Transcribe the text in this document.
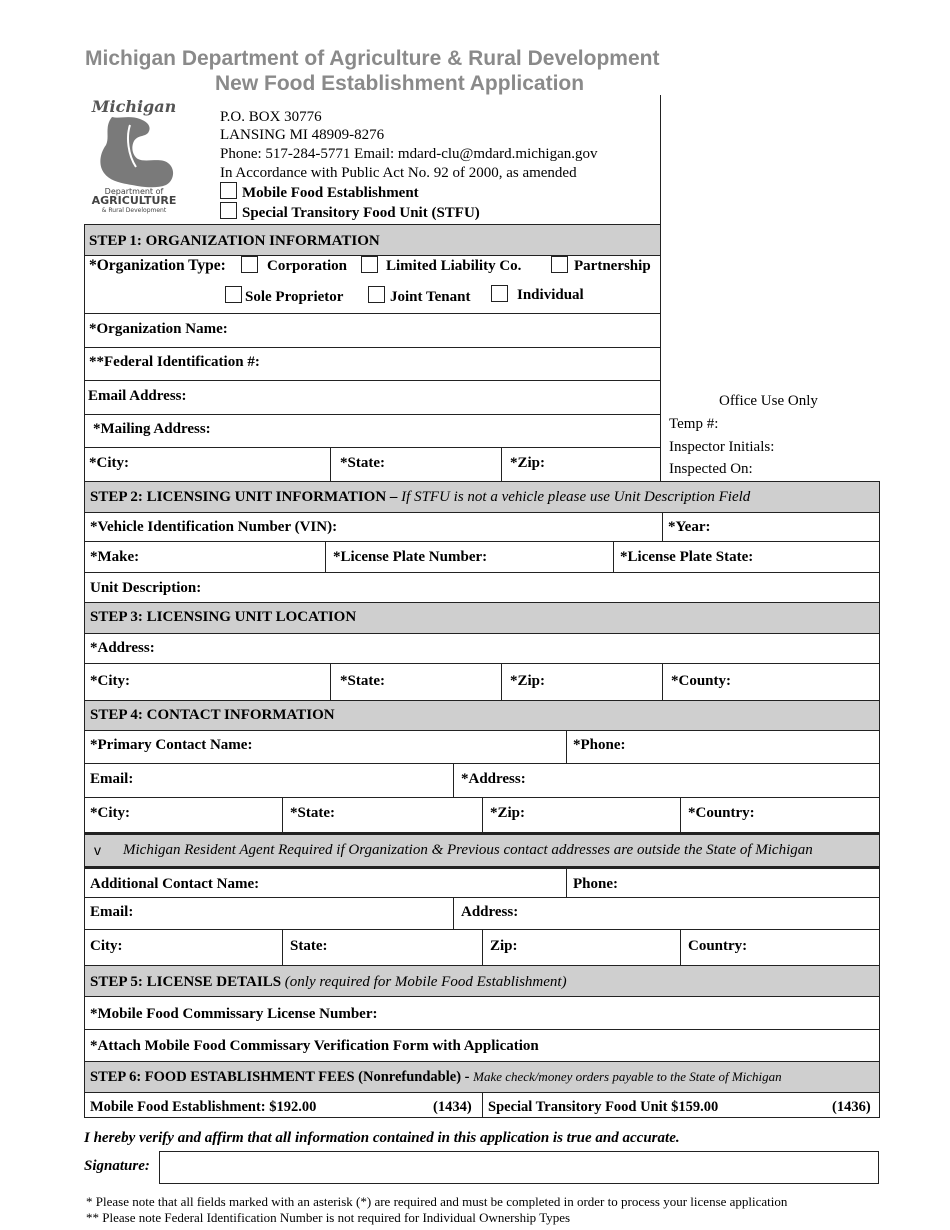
Michigan Department of Agriculture & Rural Development
New Food Establishment Application
Michigan
Department of
AGRICULTURE
& Rural Development
P.O. BOX 30776
LANSING MI 48909-8276
Phone: 517-284-5771 Email: mdard-clu@mdard.michigan.gov
In Accordance with Public Act No. 92 of 2000, as amended
Mobile Food Establishment
Special Transitory Food Unit (STFU)
Office Use Only
Temp #:
Inspector Initials:
Inspected On:
STEP 1: ORGANIZATION INFORMATION
*Organization Type:	Corporation	Limited Liability Co.	Partnership
Sole Proprietor	Joint Tenant	Individual
*Organization Name:
**Federal Identification #:
Email Address:
*Mailing Address:
*City:	*State:	*Zip:
STEP 2: LICENSING UNIT INFORMATION – If STFU is not a vehicle please use Unit Description Field
*Vehicle Identification Number (VIN):	*Year:
*Make:	*License Plate Number:	*License Plate State:
Unit Description:
STEP 3: LICENSING UNIT LOCATION
*Address:
*City:	*State:	*Zip:	*County:
STEP 4: CONTACT INFORMATION
*Primary Contact Name:	*Phone:
Email:	*Address:
*City:	*State:	*Zip:	*Country:
v Michigan Resident Agent Required if Organization & Previous contact addresses are outside the State of Michigan
Additional Contact Name:	Phone:
Email:	Address:
City:	State:	Zip:	Country:
STEP 5: LICENSE DETAILS (only required for Mobile Food Establishment)
*Mobile Food Commissary License Number:
*Attach Mobile Food Commissary Verification Form with Application
STEP 6: FOOD ESTABLISHMENT FEES (Nonrefundable) - Make check/money orders payable to the State of Michigan
Mobile Food Establishment: $192.00	(1434) Special Transitory Food Unit $159.00	(1436)
I hereby verify and affirm that all information contained in this application is true and accurate.
Signature:
* Please note that all fields marked with an asterisk (*) are required and must be completed in order to process your license application
** Please note Federal Identification Number is not required for Individual Ownership Types
